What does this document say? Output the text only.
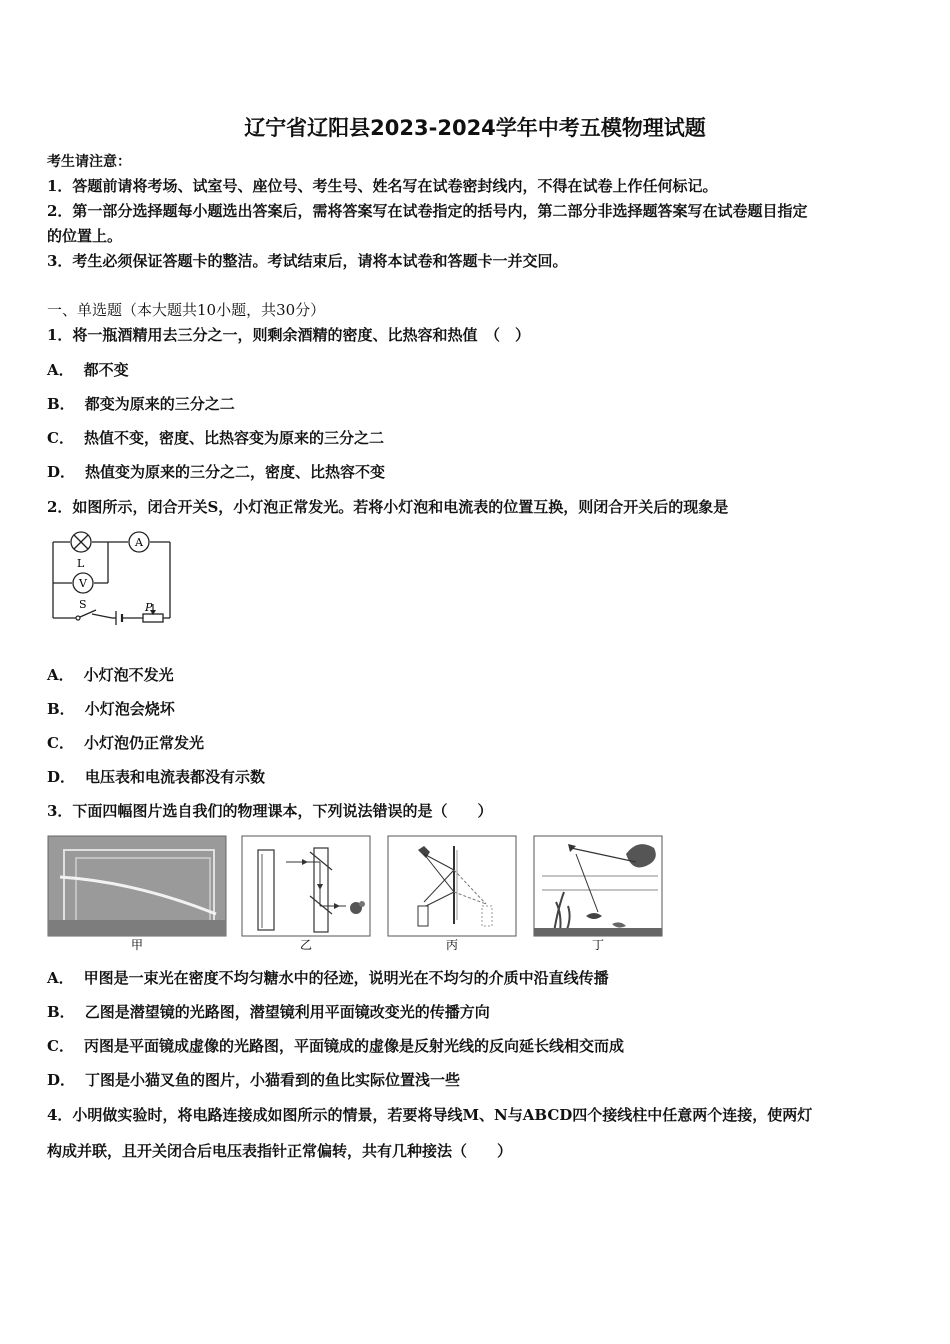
辽宁省辽阳县2023-2024学年中考五模物理试题
考生请注意：
1．答题前请将考场、试室号、座位号、考生号、姓名写在试卷密封线内，不得在试卷上作任何标记。
2．第一部分选择题每小题选出答案后，需将答案写在试卷指定的括号内，第二部分非选择题答案写在试卷题目指定
的位置上。
3．考生必须保证答题卡的整洁。考试结束后，请将本试卷和答题卡一并交回。
一、单选题（本大题共10小题，共30分）
1．将一瓶酒精用去三分之一，则剩余酒精的密度、比热容和热值　（　）
A． 都不变
B． 都变为原来的三分之二
C． 热值不变，密度、比热容变为原来的三分之二
D． 热值变为原来的三分之二，密度、比热容不变
2．如图所示，闭合开关S，小灯泡正常发光。若将小灯泡和电流表的位置互换，则闭合开关后的现象是
L
A
V
S	P
A． 小灯泡不发光
B． 小灯泡会烧坏
C． 小灯泡仍正常发光
D． 电压表和电流表都没有示数
3．下面四幅图片选自我们的物理课本，下列说法错误的是（　　）
甲	乙	丙	丁
A． 甲图是一束光在密度不均匀糖水中的径迹，说明光在不均匀的介质中沿直线传播
B． 乙图是潜望镜的光路图，潜望镜利用平面镜改变光的传播方向
C． 丙图是平面镜成虚像的光路图，平面镜成的虚像是反射光线的反向延长线相交而成
D． 丁图是小猫叉鱼的图片，小猫看到的鱼比实际位置浅一些
4．小明做实验时，将电路连接成如图所示的情景，若要将导线M、N与ABCD四个接线柱中任意两个连接，使两灯
构成并联，且开关闭合后电压表指针正常偏转，共有几种接法（　　）
